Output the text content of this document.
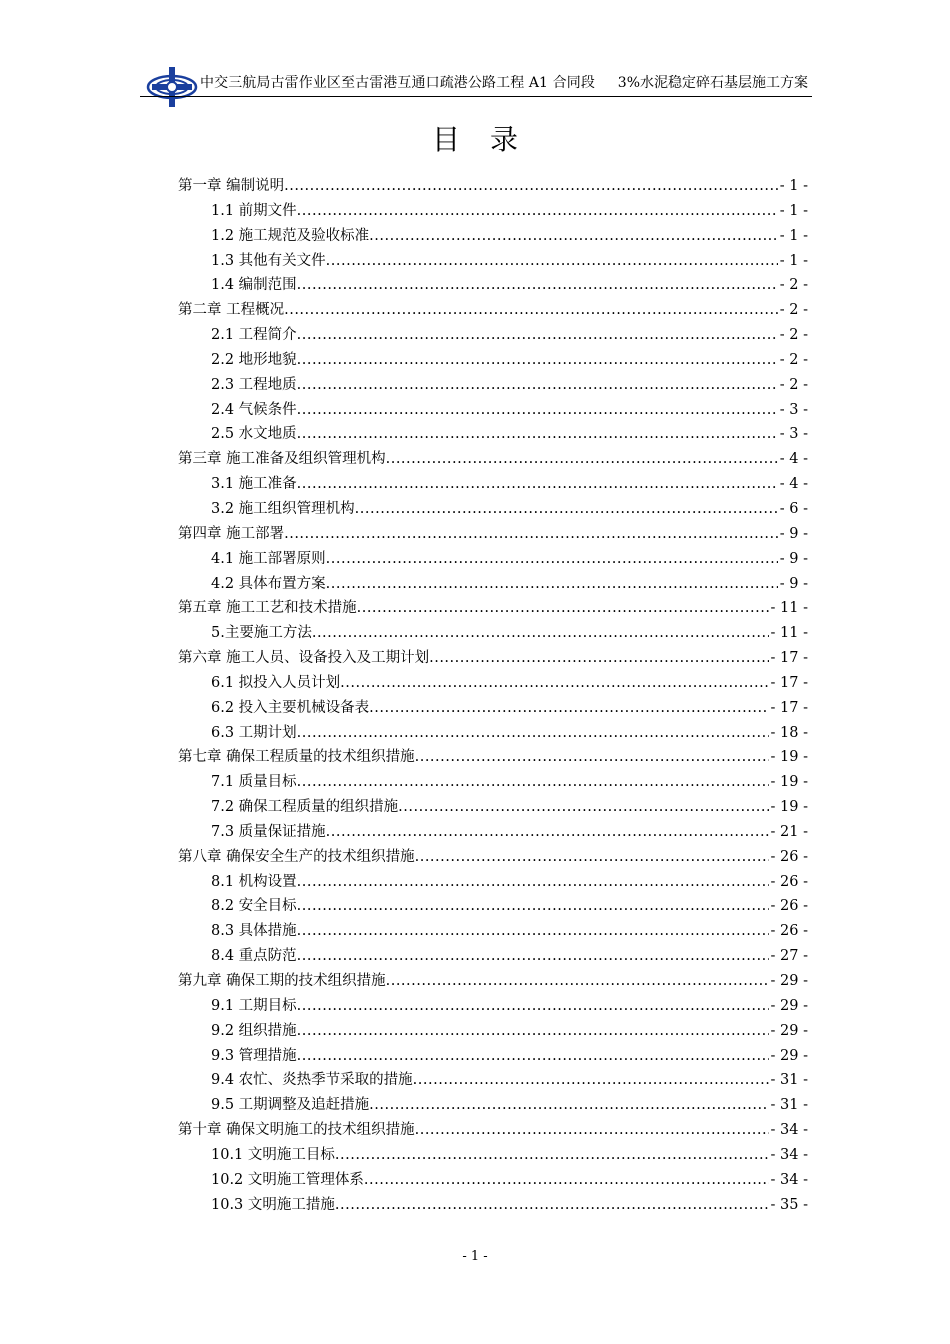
中交三航局古雷作业区至古雷港互通口疏港公路工程 A1 合同段 3%水泥稳定碎石基层施工方案
目录
第一章 编制说明 .....	- 1 -
1.1 前期文件 .....	- 1 -
1.2 施工规范及验收标准 .....	- 1 -
1.3 其他有关文件 .....	- 1 -
1.4 编制范围 .....	- 2 -
第二章 工程概况 .....	- 2 -
2.1 工程简介 .....	- 2 -
2.2 地形地貌 .....	- 2 -
2.3 工程地质 .....	- 2 -
2.4 气候条件 .....	- 3 -
2.5 水文地质 .....	- 3 -
第三章 施工准备及组织管理机构 .....	- 4 -
3.1 施工准备 .....	- 4 -
3.2 施工组织管理机构 .....	- 6 -
第四章 施工部署 .....	- 9 -
4.1 施工部署原则 .....	- 9 -
4.2 具体布置方案 .....	- 9 -
第五章 施工工艺和技术措施 .....	- 11 -
5.主要施工方法 .....	- 11 -
第六章 施工人员、设备投入及工期计划 .....	- 17 -
6.1 拟投入人员计划 .....	- 17 -
6.2 投入主要机械设备表 .....	- 17 -
6.3 工期计划 .....	- 18 -
第七章 确保工程质量的技术组织措施 .....	- 19 -
7.1 质量目标 .....	- 19 -
7.2 确保工程质量的组织措施 .....	- 19 -
7.3 质量保证措施 .....	- 21 -
第八章 确保安全生产的技术组织措施 .....	- 26 -
8.1 机构设置 .....	- 26 -
8.2 安全目标 .....	- 26 -
8.3 具体措施 .....	- 26 -
8.4 重点防范 .....	- 27 -
第九章 确保工期的技术组织措施 .....	- 29 -
9.1 工期目标 .....	- 29 -
9.2 组织措施 .....	- 29 -
9.3 管理措施 .....	- 29 -
9.4 农忙、炎热季节采取的措施 .....	- 31 -
9.5 工期调整及追赶措施 .....	- 31 -
第十章 确保文明施工的技术组织措施 .....	- 34 -
10.1 文明施工目标 .....	- 34 -
10.2 文明施工管理体系 .....	- 34 -
10.3 文明施工措施 .....	- 35 -
- 1 -
